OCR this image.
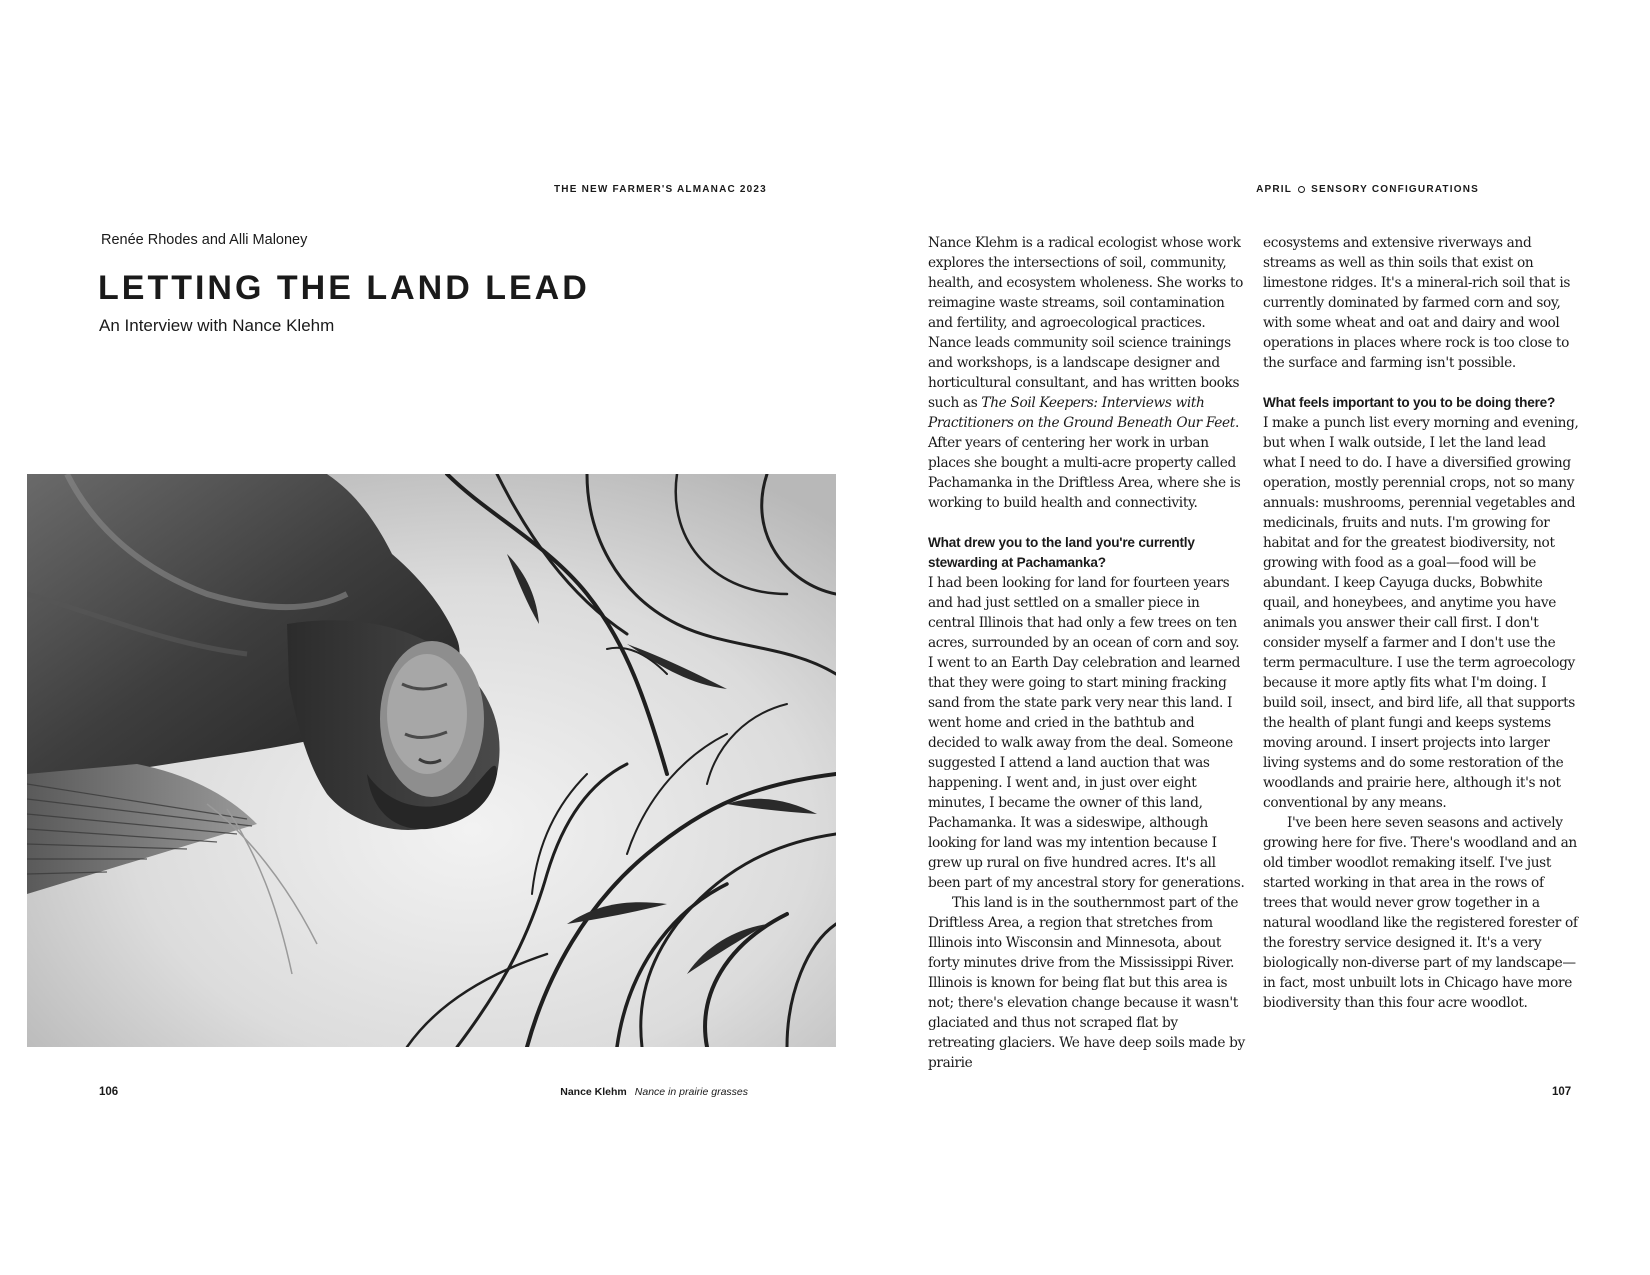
THE NEW FARMER'S ALMANAC 2023	APRIL SENSORY CONFIGURATIONS
Renée Rhodes and Alli Maloney
LETTING THE LAND LEAD
An Interview with Nance Klehm
106	Nance Klehm Nance in prairie grasses	107

Nance Klehm is a radical ecologist whose work explores the intersections of soil, community, health, and ecosystem wholeness. She works to reimagine waste streams, soil contamination and fertility, and agroecological practices. Nance leads community soil science trainings and workshops, is a landscape designer and horticultural consultant, and has written books such as The Soil Keepers: Interviews with Practitioners on the Ground Beneath Our Feet. After years of centering her work in urban places she bought a multi-acre property called Pachamanka in the Driftless Area, where she is working to build health and connectivity.

What drew you to the land you're currently stewarding at Pachamanka?

I had been looking for land for fourteen years and had just settled on a smaller piece in central Illinois that had only a few trees on ten acres, surrounded by an ocean of corn and soy. I went to an Earth Day celebration and learned that they were going to start mining fracking sand from the state park very near this land. I went home and cried in the bathtub and decided to walk away from the deal. Someone suggested I attend a land auction that was happening. I went and, in just over eight minutes, I became the owner of this land, Pachamanka. It was a sideswipe, although looking for land was my intention because I grew up rural on five hundred acres. It's all been part of my ancestral story for generations.

This land is in the southernmost part of the Driftless Area, a region that stretches from Illinois into Wisconsin and Minnesota, about forty minutes drive from the Mississippi River. Illinois is known for being flat but this area is not; there's elevation change because it wasn't glaciated and thus not scraped flat by retreating glaciers. We have deep soils made by prairie

ecosystems and extensive riverways and streams as well as thin soils that exist on limestone ridges. It's a mineral-rich soil that is currently dominated by farmed corn and soy, with some wheat and oat and dairy and wool operations in places where rock is too close to the surface and farming isn't possible.

What feels important to you to be doing there?

I make a punch list every morning and evening, but when I walk outside, I let the land lead what I need to do. I have a diversified growing operation, mostly perennial crops, not so many annuals: mushrooms, perennial vegetables and medicinals, fruits and nuts. I'm growing for habitat and for the greatest biodiversity, not growing with food as a goal—food will be abundant. I keep Cayuga ducks, Bobwhite quail, and honeybees, and anytime you have animals you answer their call first. I don't consider myself a farmer and I don't use the term permaculture. I use the term agroecology because it more aptly fits what I'm doing. I build soil, insect, and bird life, all that supports the health of plant fungi and keeps systems moving around. I insert projects into larger living systems and do some restoration of the woodlands and prairie here, although it's not conventional by any means.

I've been here seven seasons and actively growing here for five. There's woodland and an old timber woodlot remaking itself. I've just started working in that area in the rows of trees that would never grow together in a natural woodland like the registered forester of the forestry service designed it. It's a very biologically non-diverse part of my landscape—in fact, most unbuilt lots in Chicago have more biodiversity than this four acre woodlot.
